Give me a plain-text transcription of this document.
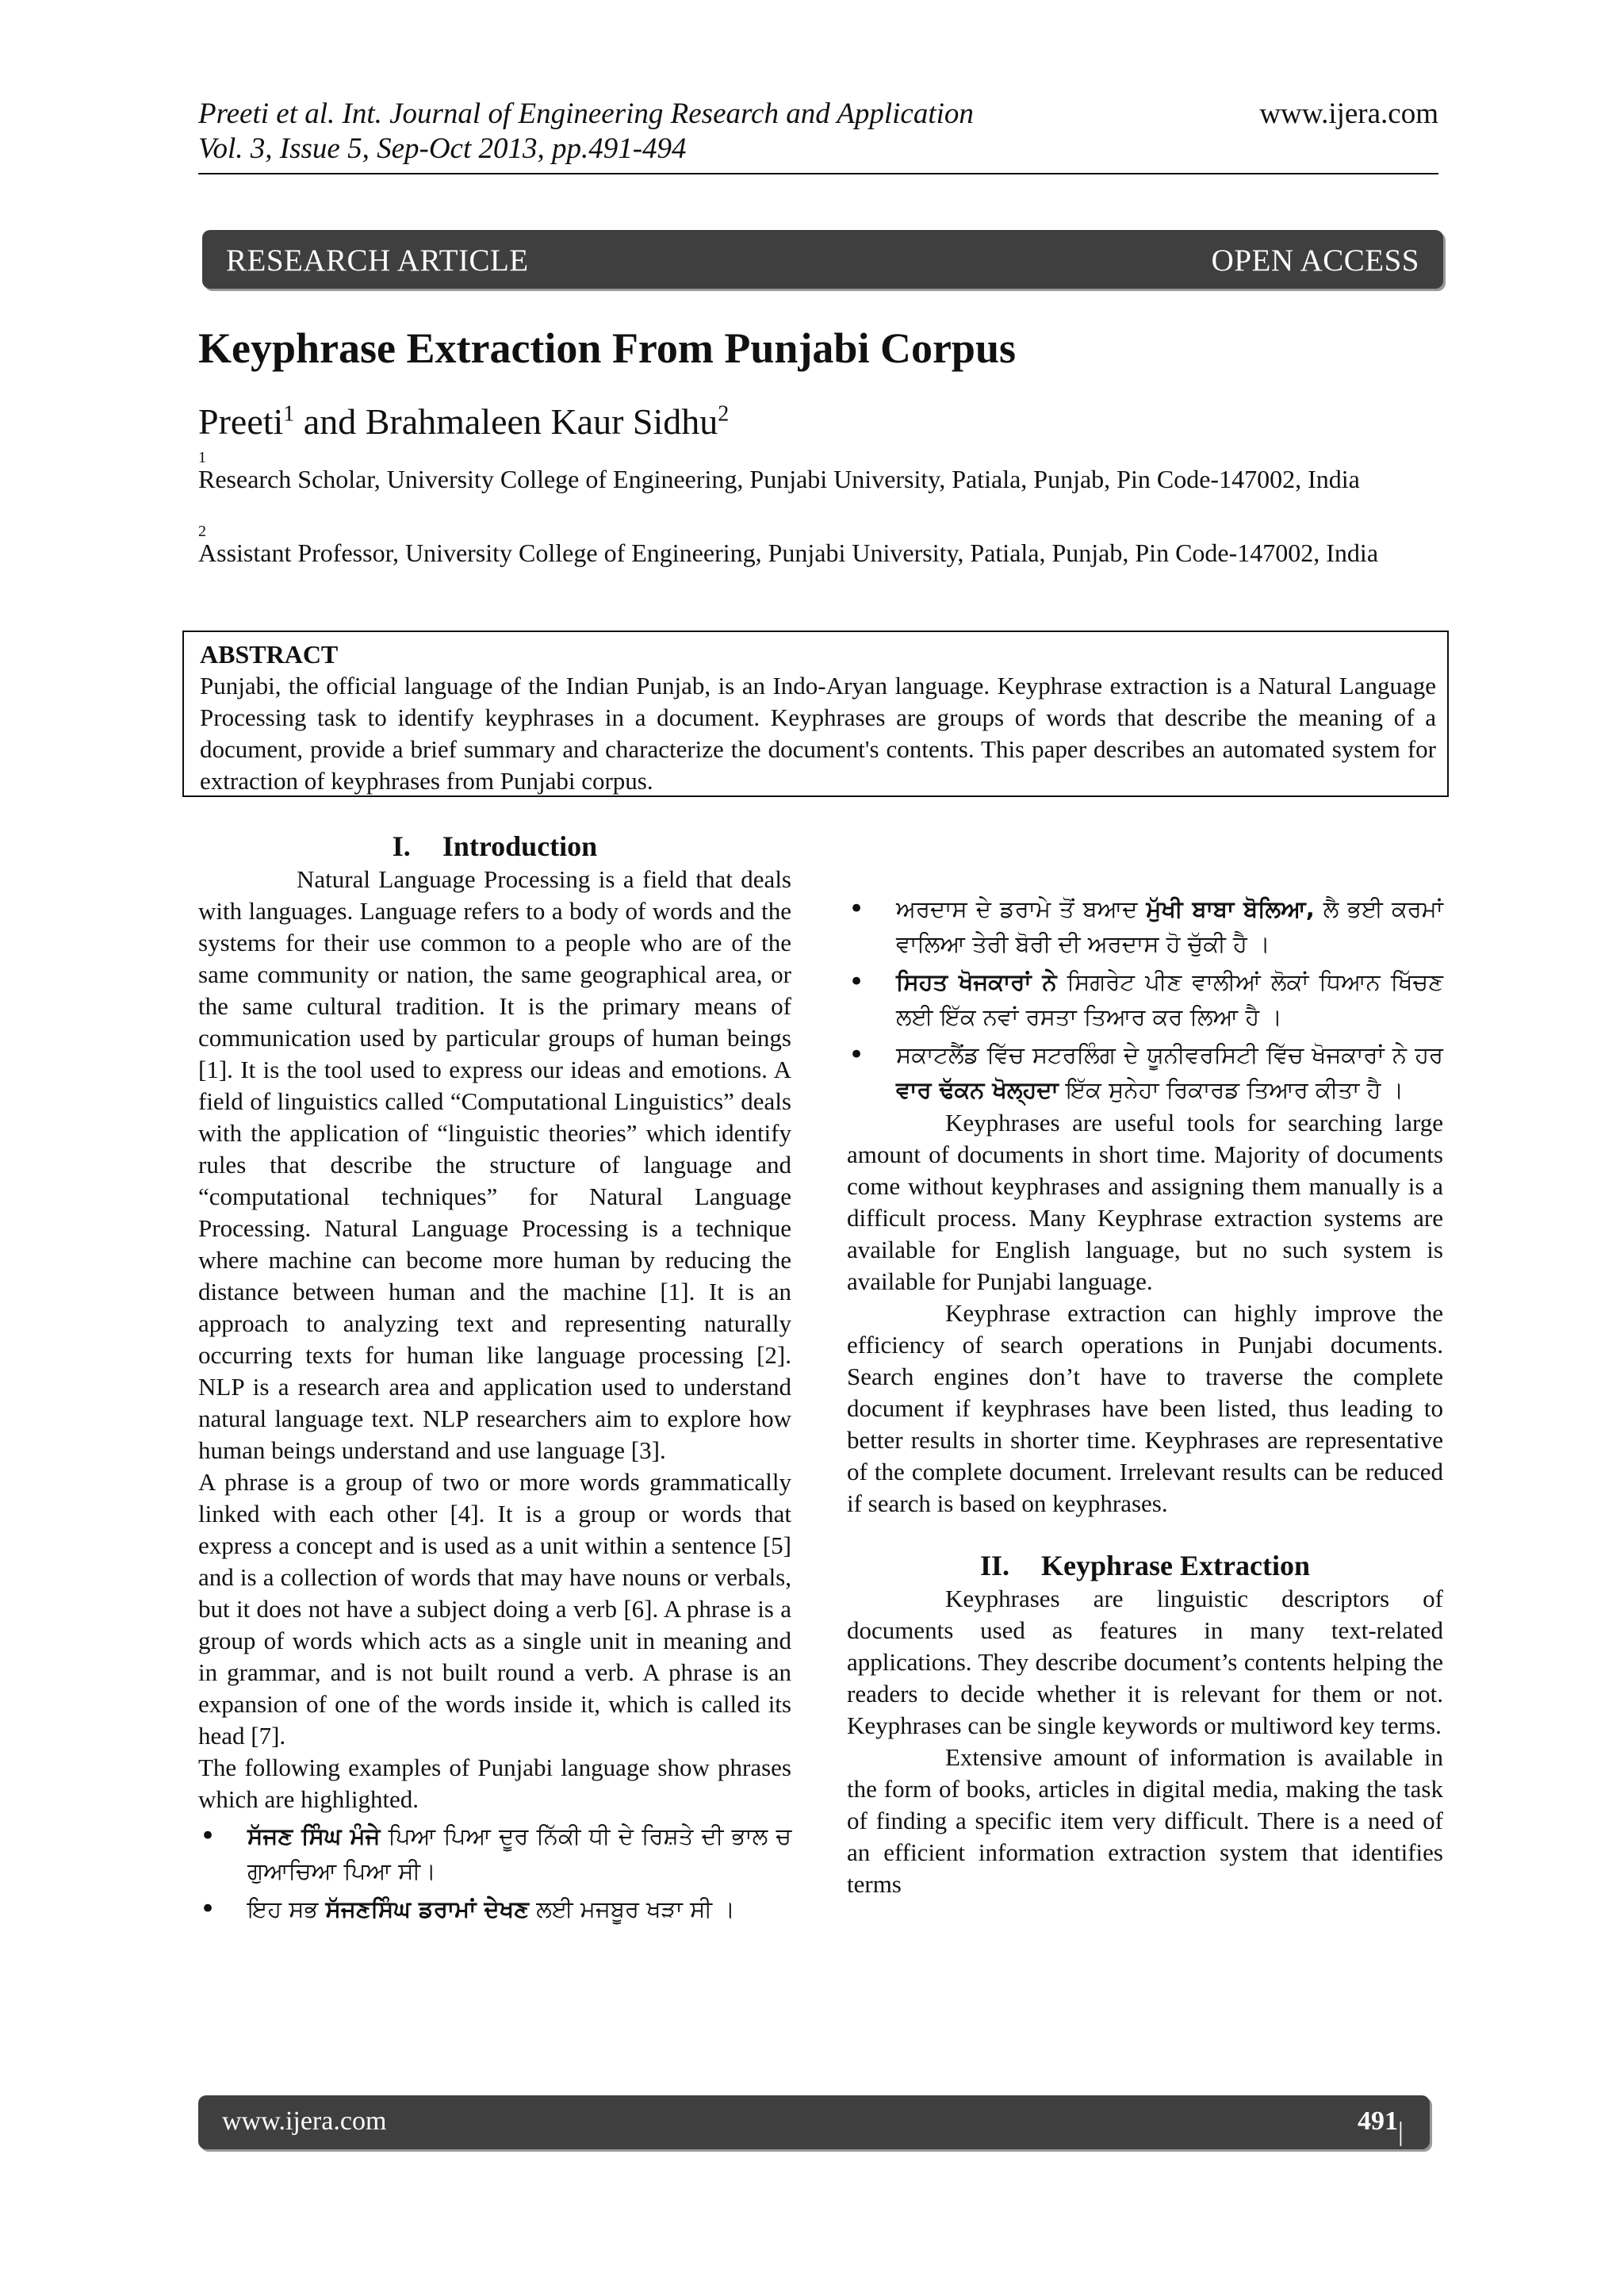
Preeti et al. Int. Journal of Engineering Research and Application
Vol. 3, Issue 5, Sep-Oct 2013, pp.491-494
www.ijera.com
RESEARCH ARTICLE	OPEN ACCESS
Keyphrase Extraction From Punjabi Corpus
Preeti$^1$ and Brahmaleen Kaur Sidhu$^2$
1
Research Scholar, University College of Engineering, Punjabi University, Patiala, Punjab, Pin Code-147002, India
2
Assistant Professor, University College of Engineering, Punjabi University, Patiala, Punjab, Pin Code-147002, India
ABSTRACT
Punjabi, the official language of the Indian Punjab, is an Indo-Aryan language. Keyphrase extraction is a Natural Language Processing task to identify keyphrases in a document. Keyphrases are groups of words that describe the meaning of a document, provide a brief summary and characterize the document's contents. This paper describes an automated system for extraction of keyphrases from Punjabi corpus.
I. Introduction

Natural Language Processing is a field that deals with languages. Language refers to a body of words and the systems for their use common to a people who are of the same community or nation, the same geographical area, or the same cultural tradition. It is the primary means of communication used by particular groups of human beings [1]. It is the tool used to express our ideas and emotions. A field of linguistics called “Computational Linguistics” deals with the application of “linguistic theories” which identify rules that describe the structure of language and “computational techniques” for Natural Language Processing. Natural Language Processing is a technique where machine can become more human by reducing the distance between human and the machine [1]. It is an approach to analyzing text and representing naturally occurring texts for human like language processing [2]. NLP is a research area and application used to understand natural language text. NLP researchers aim to explore how human beings understand and use language [3].

A phrase is a group of two or more words grammatically linked with each other [4]. It is a group or words that express a concept and is used as a unit within a sentence [5] and is a collection of words that may have nouns or verbals, but it does not have a subject doing a verb [6]. A phrase is a group of words which acts as a single unit in meaning and in grammar, and is not built round a verb. A phrase is an expansion of one of the words inside it, which is called its head [7].

The following examples of Punjabi language show phrases which are highlighted.

• ਸੱਜਣ ਸਿੰਘ ਮੰਜੇ ਪਿਆ ਪਿਆ ਦੂਰ ਨਿੱਕੀ ਧੀ ਦੇ ਰਿਸ਼ਤੇ ਦੀ ਭਾਲ ਚ ਗੁਆਚਿਆ ਪਿਆ ਸੀ।
• ਇਹ ਸਭ ਸੱਜਣਸਿੰਘ ਡਰਾਮਾਂ ਦੇਖਣ ਲਈ ਮਜਬੂਰ ਖੜਾ ਸੀ ।
• ਅਰਦਾਸ ਦੇ ਡਰਾਮੇ ਤੋਂ ਬਆਦ ਮੁੱਖੀ ਬਾਬਾ ਬੋਲਿਆ, ਲੈ ਭਈ ਕਰਮਾਂ ਵਾਲਿਆ ਤੇਰੀ ਬੋਰੀ ਦੀ ਅਰਦਾਸ ਹੋ ਚੁੱਕੀ ਹੈ ।
• ਸਿਹਤ ਖੋਜਕਾਰਾਂ ਨੇ ਸਿਗਰੇਟ ਪੀਣ ਵਾਲੀਆਂ ਲੋਕਾਂ ਧਿਆਨ ਖਿੱਚਣ ਲਈ ਇੱਕ ਨਵਾਂ ਰਸਤਾ ਤਿਆਰ ਕਰ ਲਿਆ ਹੈ ।
• ਸਕਾਟਲੈਂਡ ਵਿੱਚ ਸਟਰਲਿੰਗ ਦੇ ਯੂਨੀਵਰਸਿਟੀ ਵਿੱਚ ਖੋਜਕਾਰਾਂ ਨੇ ਹਰ ਵਾਰ ਢੱਕਨ ਖੋਲ੍ਹਦਾ ਇੱਕ ਸੁਨੇਹਾ ਰਿਕਾਰਡ ਤਿਆਰ ਕੀਤਾ ਹੈ ।

Keyphrases are useful tools for searching large amount of documents in short time. Majority of documents come without keyphrases and assigning them manually is a difficult process. Many Keyphrase extraction systems are available for English language, but no such system is available for Punjabi language.

Keyphrase extraction can highly improve the efficiency of search operations in Punjabi documents. Search engines don’t have to traverse the complete document if keyphrases have been listed, thus leading to better results in shorter time. Keyphrases are representative of the complete document. Irrelevant results can be reduced if search is based on keyphrases.

II. Keyphrase Extraction

Keyphrases are linguistic descriptors of documents used as features in many text-related applications. They describe document’s contents helping the readers to decide whether it is relevant for them or not. Keyphrases can be single keywords or multiword key terms.

Extensive amount of information is available in the form of books, articles in digital media, making the task of finding a specific item very difficult. There is a need of an efficient information extraction system that identifies terms

www.ijera.com	491 | P a g e
